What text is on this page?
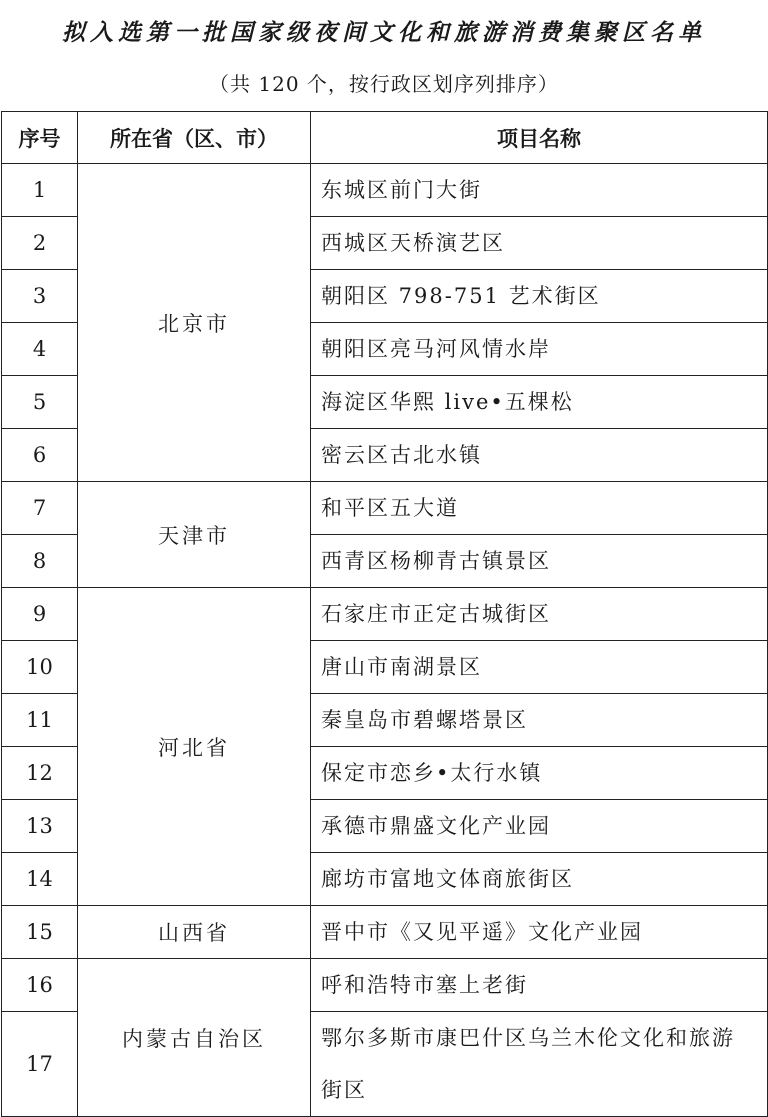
拟入选第一批国家级夜间文化和旅游消费集聚区名单
（共 120 个，按行政区划序列排序）
序号	所在省（区、市）	项目名称
1	北京市	东城区前门大街
2		西城区天桥演艺区
3		朝阳区 798-751 艺术街区
4		朝阳区亮马河风情水岸
5		海淀区华熙 live•五棵松
6		密云区古北水镇
7	天津市	和平区五大道
8		西青区杨柳青古镇景区
9	河北省	石家庄市正定古城街区
10		唐山市南湖景区
11		秦皇岛市碧螺塔景区
12		保定市恋乡•太行水镇
13		承德市鼎盛文化产业园
14		廊坊市富地文体商旅街区
15	山西省	晋中市《又见平遥》文化产业园
16	内蒙古自治区	呼和浩特市塞上老街
17		鄂尔多斯市康巴什区乌兰木伦文化和旅游街区
